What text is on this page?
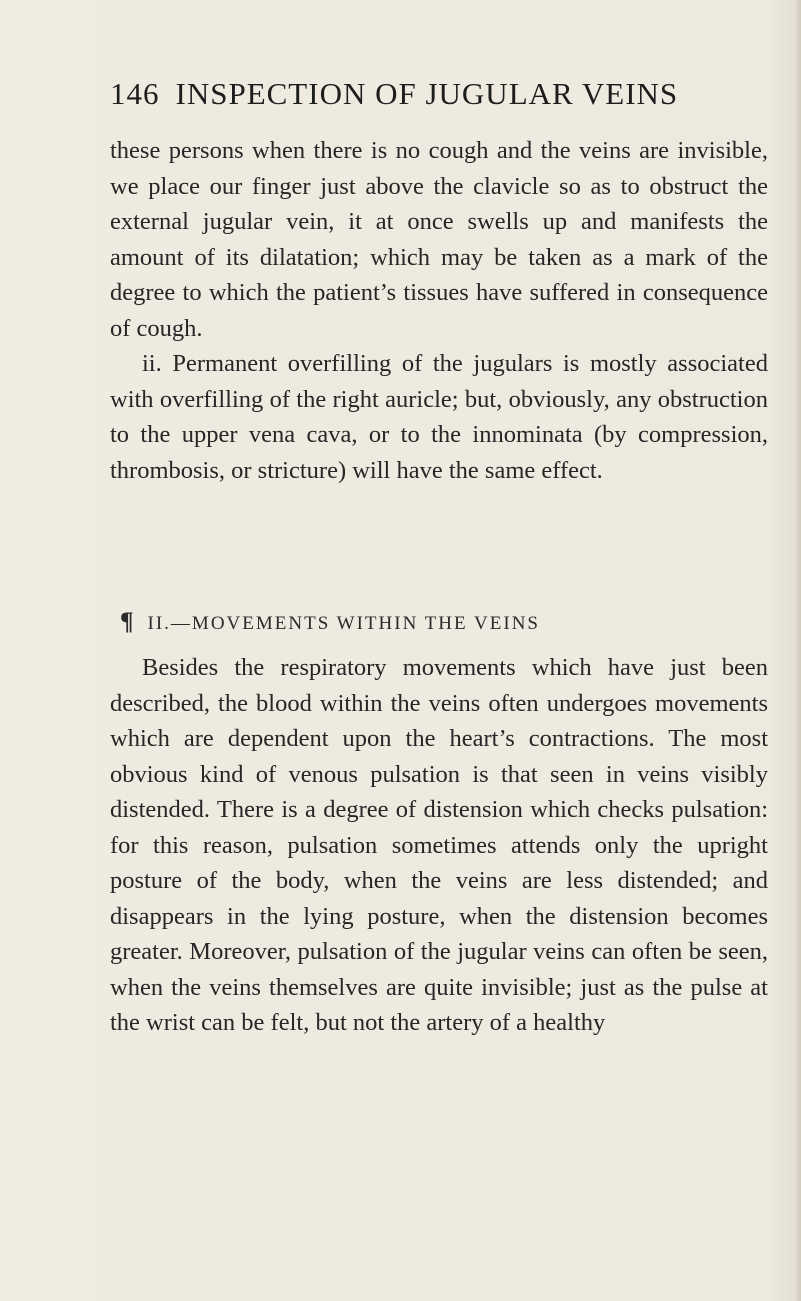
146 INSPECTION OF JUGULAR VEINS

these persons when there is no cough and the veins are invisible, we place our finger just above the clavicle so as to obstruct the external jugular vein, it at once swells up and manifests the amount of its dilatation; which may be taken as a mark of the degree to which the patient’s tissues have suffered in consequence of cough.

ii. Permanent overfilling of the jugulars is mostly associated with overfilling of the right auricle; but, obviously, any obstruction to the upper vena cava, or to the innominata (by compression, thrombosis, or stricture) will have the same effect.

¶ II.—MOVEMENTS WITHIN THE VEINS

Besides the respiratory movements which have just been described, the blood within the veins often undergoes movements which are dependent upon the heart’s contractions. The most obvious kind of venous pulsation is that seen in veins visibly distended. There is a degree of distension which checks pulsation: for this reason, pulsation sometimes attends only the upright posture of the body, when the veins are less distended; and disappears in the lying posture, when the distension becomes greater. Moreover, pulsation of the jugular veins can often be seen, when the veins themselves are quite invisible; just as the pulse at the wrist can be felt, but not the artery of a healthy
